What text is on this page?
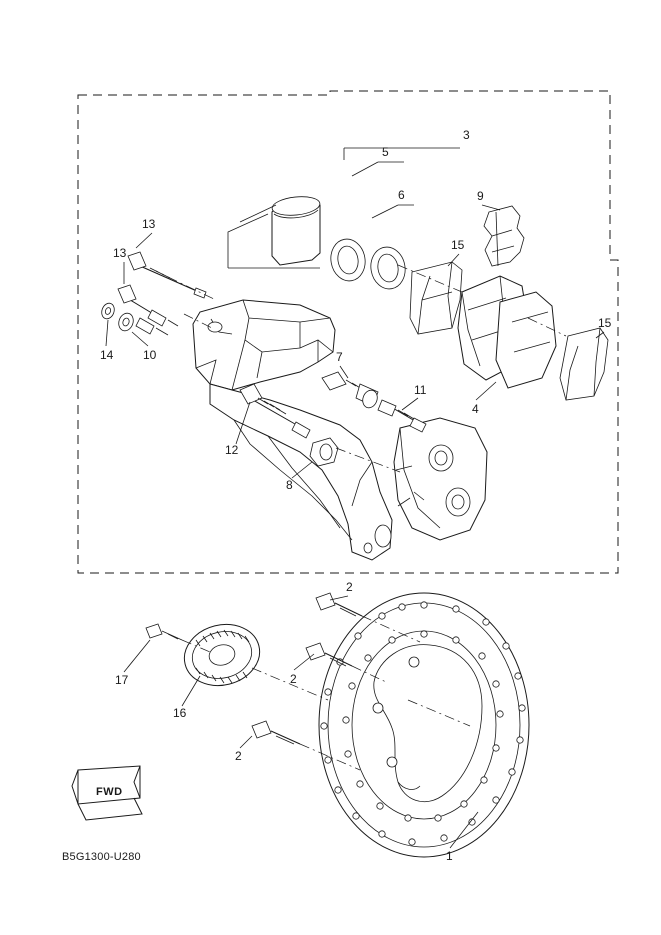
3
5
6	9
13
13
15
15
14 10	7
11
4
12
8
2
2
2
17
16
1
FWD
B5G1300-U280
